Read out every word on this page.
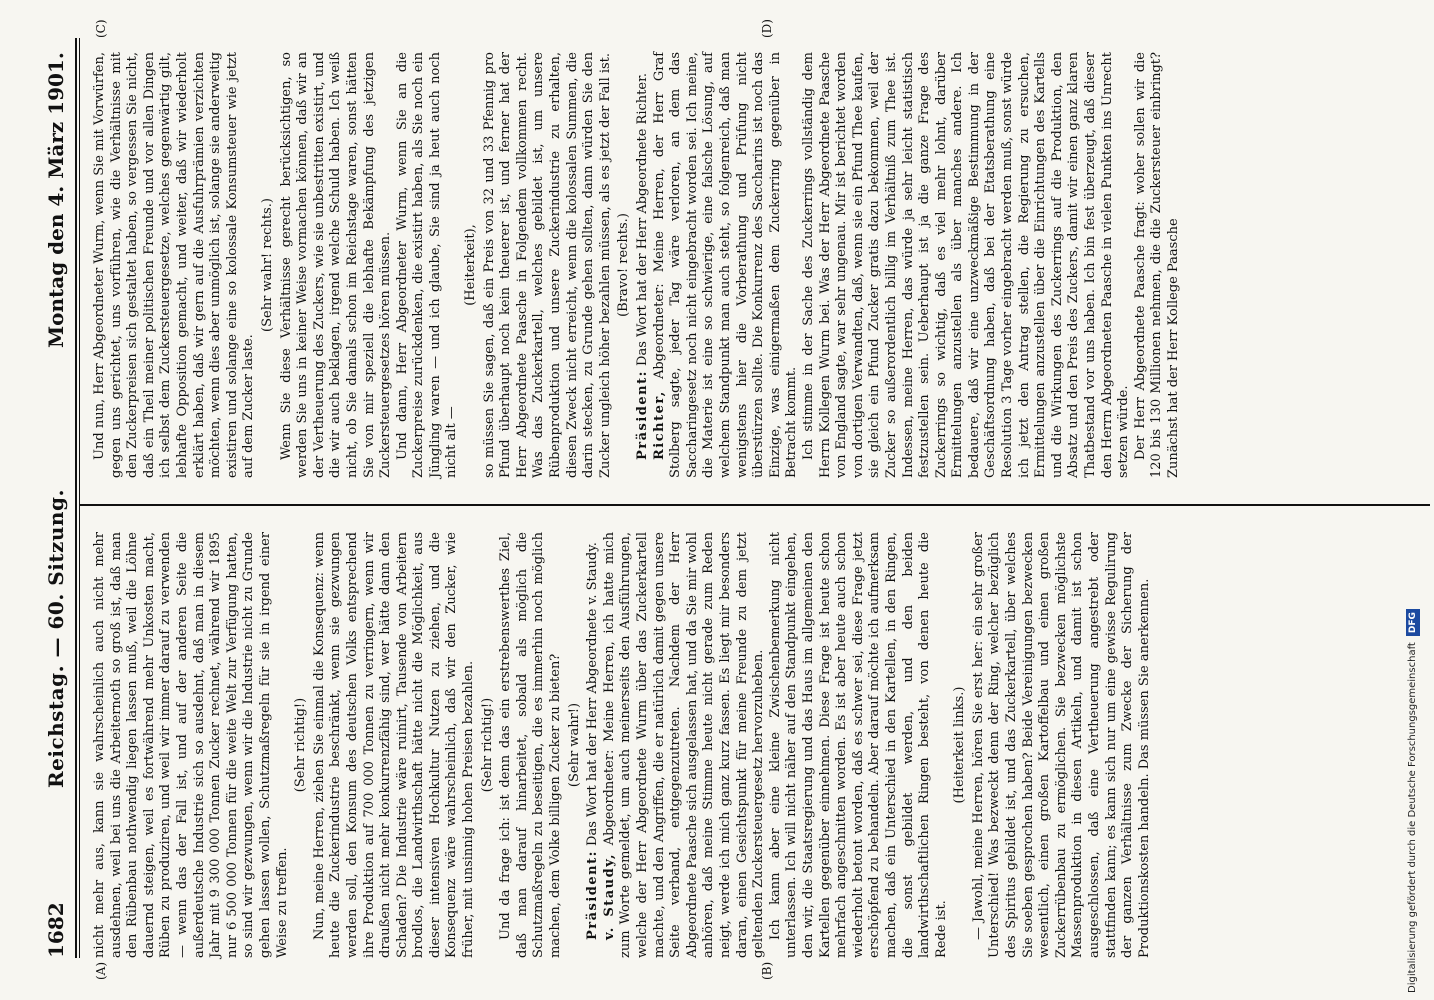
1682
Reichstag. — 60. Sitzung.
Montag den 4. März 1901.
(A)	(B)
(C)	(D)

nicht mehr aus, kann sie wahrscheinlich auch nicht mehr ausdehnen, weil bei uns die Arbeiternoth so groß ist, daß man den Rübenbau nothwendig liegen lassen muß, weil die Löhne dauernd steigen, weil es fortwährend mehr Unkosten macht, Rüben zu produziren, und weil wir immer darauf zu verwenden — wenn das der Fall ist, und auf der anderen Seite die außerdeutsche Industrie sich so ausdehnt, daß man in diesem Jahr mit 9 300 000 Tonnen Zucker rechnet, während wir 1895 nur 6 500 000 Tonnen für die weite Welt zur Verfügung hatten, so sind wir gezwungen, wenn wir die Industrie nicht zu Grunde gehen lassen wollen, Schutzmaßregeln für sie in irgend einer Weise zu treffen.

(Sehr richtig!) Nun, meine Herren, ziehen Sie einmal die Konsequenz: wenn heute die Zuckerindustrie beschränkt, wenn sie gezwungen werden soll, den Konsum des deutschen Volks entsprechend ihre Produktion auf 700 000 Tonnen zu verringern, wenn wir draußen nicht mehr konkurrenzfähig sind, wer hätte dann den Schaden? Die Industrie wäre ruinirt, Tausende von Arbeitern brodlos, die Landwirthschaft hätte nicht die Möglichkeit, aus dieser intensiven Hochkultur Nutzen zu ziehen, und die Konsequenz wäre wahrscheinlich, daß wir den Zucker, wie früher, mit unsinnig hohen Preisen bezahlen. (Sehr richtig!) Und da frage ich: ist denn das ein erstrebenswerthes Ziel, daß man darauf hinarbeitet, sobald als möglich die Schutzmaßregeln zu beseitigen, die es immerhin noch möglich machen, dem Volke billigen Zucker zu bieten? (Sehr wahr!)

Präsident: Das Wort hat der Herr Abgeordnete v. Staudy.

v. Staudy, Abgeordneter: Meine Herren, ich hatte mich zum Worte gemeldet, um auch meinerseits den Ausführungen, welche der Herr Abgeordnete Wurm über das Zuckerkartell machte, und den Angriffen, die er natürlich damit gegen unsere Seite verband, entgegenzutreten. Nachdem der Herr Abgeordnete Paasche sich ausgelassen hat, und da Sie mir wohl anhören, daß meine Stimme heute nicht gerade zum Reden neigt, werde ich mich ganz kurz fassen. Es liegt mir besonders daran, einen Gesichtspunkt für meine Freunde zu dem jetzt geltenden Zuckersteuergesetz hervorzuheben. Ich kann aber eine kleine Zwischenbemerkung nicht unterlassen. Ich will nicht näher auf den Standpunkt eingehen, den wir, die Staatsregierung und das Haus im allgemeinen den Kartellen gegenüber einnehmen. Diese Frage ist heute schon mehrfach angeschnitten worden. Es ist aber heute auch schon wiederholt betont worden, daß es schwer sei, diese Frage jetzt erschöpfend zu behandeln. Aber darauf möchte ich aufmerksam machen, daß ein Unterschied in den Kartellen, in den Ringen, die sonst gebildet werden, und den beiden landwirthschaftlichen Ringen besteht, von denen heute die Rede ist.

(Heiterkeit links.) — Jawohl, meine Herren, hören Sie erst her: ein sehr großer Unterschied! Was bezweckt denn der Ring, welcher bezüglich des Spiritus gebildet ist, und das Zuckerkartell, über welches Sie soeben gesprochen haben? Beide Vereinigungen bezwecken wesentlich, einen großen Kartoffelbau und einen großen Zuckerrübenbau zu ermöglichen. Sie bezwecken möglichste Massenproduktion in diesen Artikeln, und damit ist schon ausgeschlossen, daß eine Vertheuerung angestrebt oder stattfinden kann; es kann sich nur um eine gewisse Regulirung der ganzen Verhältnisse zum Zwecke der Sicherung der Produktionskosten handeln. Das müssen Sie anerkennen.

Und nun, Herr Abgeordneter Wurm, wenn Sie mit Vorwürfen, gegen uns gerichtet, uns vorführen, wie die Verhältnisse mit den Zuckerpreisen sich gestaltet haben, so vergessen Sie nicht, daß ein Theil meiner politischen Freunde und vor allen Dingen ich selbst dem Zuckersteuergesetze, welches gegenwärtig gilt, lebhafte Opposition gemacht, und weiter, daß wir wiederholt erklärt haben, daß wir gern auf die Ausfuhrprämien verzichten möchten, wenn dies aber unmöglich ist, solange sie anderweitig existiren und solange eine so kolossale Konsumsteuer wie jetzt auf dem Zucker laste.

(Sehr wahr! rechts.) Wenn Sie diese Verhältnisse gerecht berücksichtigen, so werden Sie uns in keiner Weise vormachen können, daß wir an der Vertheuerung des Zuckers, wie sie unbestritten existirt, und die wir auch beklagen, irgend welche Schuld haben. Ich weiß nicht, ob Sie damals schon im Reichstage waren, sonst hätten Sie von mir speziell die lebhafte Bekämpfung des jetzigen Zuckersteuergesetzes hören müssen. Und dann, Herr Abgeordneter Wurm, wenn Sie an die Zuckerpreise zurückdenken, die existirt haben, als Sie noch ein Jüngling waren — und ich glaube, Sie sind ja heut auch noch nicht alt —

(Heiterkeit), so müssen Sie sagen, daß ein Preis von 32 und 33 Pfennig pro Pfund überhaupt noch kein theuerer ist, und ferner hat der Herr Abgeordnete Paasche in Folgendem vollkommen recht. Was das Zuckerkartell, welches gebildet ist, um unsere Rübenproduktion und unsere Zuckerindustrie zu erhalten, diesen Zweck nicht erreicht, wenn die kolossalen Summen, die darin stecken, zu Grunde gehen sollten, dann würden Sie den Zucker ungleich höher bezahlen müssen, als es jetzt der Fall ist. (Bravo! rechts.)

Präsident: Das Wort hat der Herr Abgeordnete Richter.

Richter, Abgeordneter: Meine Herren, der Herr Graf Stolberg sagte, jeder Tag wäre verloren, an dem das Saccharingesetz noch nicht eingebracht worden sei. Ich meine, die Materie ist eine so schwierige, eine falsche Lösung, auf welchem Standpunkt man auch steht, so folgenreich, daß man wenigstens hier die Vorberathung und Prüfung nicht überstürzen sollte. Die Konkurrenz des Saccharins ist noch das Einzige, was einigermaßen dem Zuckerring gegenüber in Betracht kommt. Ich stimme in der Sache des Zuckerrings vollständig dem Herrn Kollegen Wurm bei. Was der Herr Abgeordnete Paasche von England sagte, war sehr ungenau. Mir ist berichtet worden von dortigen Verwandten, daß, wenn sie ein Pfund Thee kaufen, sie gleich ein Pfund Zucker gratis dazu bekommen, weil der Zucker so außerordentlich billig im Verhältniß zum Thee ist. Indessen, meine Herren, das würde ja sehr leicht statistisch festzustellen sein. Ueberhaupt ist ja die ganze Frage des Zuckerrings so wichtig, daß es viel mehr lohnt, darüber Ermittelungen anzustellen als über manches andere. Ich bedauere, daß wir eine unzweckmäßige Bestimmung in der Geschäftsordnung haben, daß bei der Etatsberathung eine Resolution 3 Tage vorher eingebracht werden muß, sonst würde ich jetzt den Antrag stellen, die Regierung zu ersuchen, Ermittelungen anzustellen über die Einrichtungen des Kartells und die Wirkungen des Zuckerrings auf die Produktion, den Absatz und den Preis des Zuckers, damit wir einen ganz klaren Thatbestand vor uns haben. Ich bin fest überzeugt, daß dieser den Herrn Abgeordneten Paasche in vielen Punkten ins Unrecht setzen würde. Der Herr Abgeordnete Paasche fragt: woher sollen wir die 120 bis 130 Millionen nehmen, die die Zuckersteuer einbringt? Zunächst hat der Herr Kollege Paasche

Digitalisierung gefördert durch die Deutsche ForschungsgemeinschaftDFG
